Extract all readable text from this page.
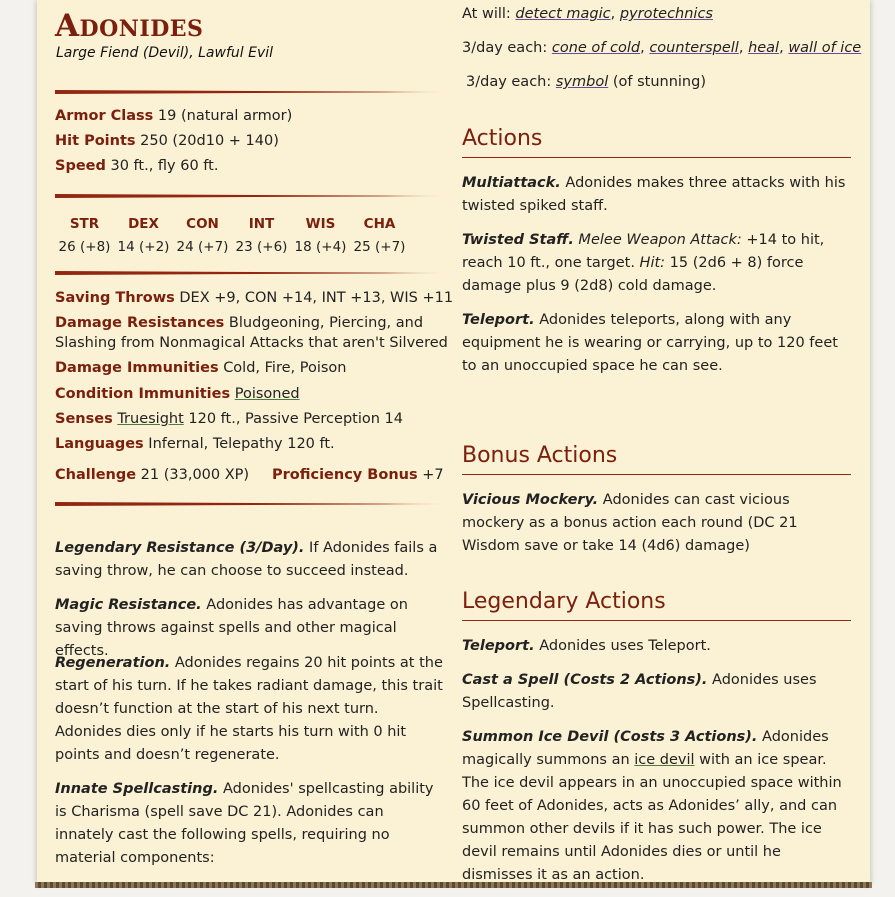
Adonides
Large Fiend (Devil), Lawful Evil
Armor Class 19 (natural armor)
Hit Points 250 (20d10 + 140)
Speed 30 ft., fly 60 ft.
STR	DEX	CON	INT	WIS	CHA
26 (+8) 14 (+2) 24 (+7) 23 (+6) 18 (+4) 25 (+7)
Saving Throws DEX +9, CON +14, INT +13, WIS +11
Damage Resistances Bludgeoning, Piercing, and
Slashing from Nonmagical Attacks that aren't Silvered
Damage Immunities Cold, Fire, Poison
Condition Immunities Poisoned
Senses Truesight 120 ft., Passive Perception 14
Languages Infernal, Telepathy 120 ft.
Challenge 21 (33,000 XP) Proficiency Bonus +7
Legendary Resistance (3/Day). If Adonides fails a saving throw, he can choose to succeed instead.
Magic Resistance. Adonides has advantage on saving throws against spells and other magical effects.
Regeneration. Adonides regains 20 hit points at the start of his turn. If he takes radiant damage, this trait doesn’t function at the start of his next turn. Adonides dies only if he starts his turn with 0 hit points and doesn’t regenerate.
Innate Spellcasting. Adonides' spellcasting ability is Charisma (spell save DC 21). Adonides can innately cast the following spells, requiring no material components:
At will: detect magic, pyrotechnics
3/day each: cone of cold, counterspell, heal, wall of ice
3/day each: symbol (of stunning)
Actions
Multiattack. Adonides makes three attacks with his twisted spiked staff.
Twisted Staff. Melee Weapon Attack: +14 to hit, reach 10 ft., one target. Hit: 15 (2d6 + 8) force damage plus 9 (2d8) cold damage.
Teleport. Adonides teleports, along with any equipment he is wearing or carrying, up to 120 feet to an unoccupied space he can see.
Bonus Actions
Vicious Mockery. Adonides can cast vicious mockery as a bonus action each round (DC 21 Wisdom save or take 14 (4d6) damage)
Legendary Actions
Teleport. Adonides uses Teleport.
Cast a Spell (Costs 2 Actions). Adonides uses Spellcasting.
Summon Ice Devil (Costs 3 Actions). Adonides magically summons an ice devil with an ice spear. The ice devil appears in an unoccupied space within 60 feet of Adonides, acts as Adonides’ ally, and can summon other devils if it has such power. The ice devil remains until Adonides dies or until he dismisses it as an action.
